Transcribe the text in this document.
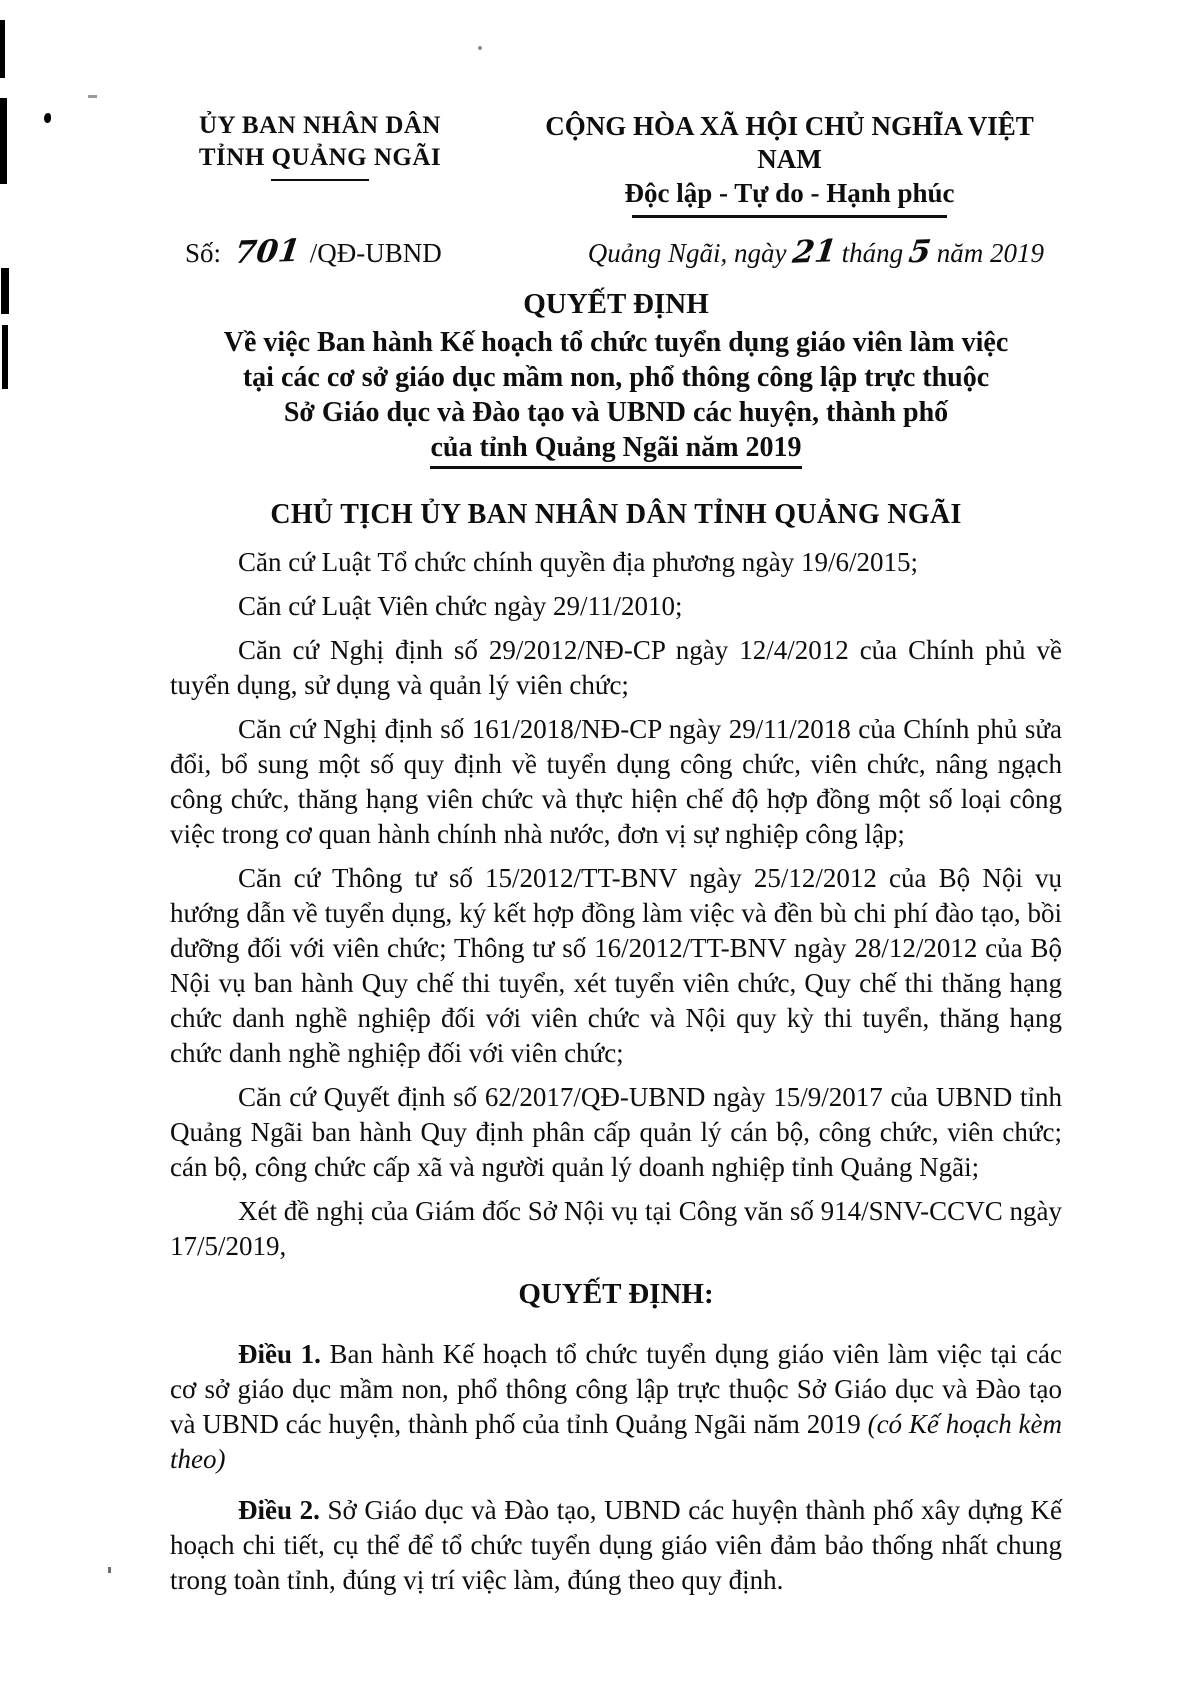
ỦY BAN NHÂN DÂN
TỈNH QUẢNG NGÃI
CỘNG HÒA XÃ HỘI CHỦ NGHĨA VIỆT NAM
Độc lập - Tự do - Hạnh phúc
Số: 701 /QĐ-UBND	Quảng Ngãi, ngày 21 tháng 5 năm 2019
QUYẾT ĐỊNH
Về việc Ban hành Kế hoạch tổ chức tuyển dụng giáo viên làm việc
tại các cơ sở giáo dục mầm non, phổ thông công lập trực thuộc
Sở Giáo dục và Đào tạo và UBND các huyện, thành phố
của tỉnh Quảng Ngãi năm 2019
CHỦ TỊCH ỦY BAN NHÂN DÂN TỈNH QUẢNG NGÃI

Căn cứ Luật Tổ chức chính quyền địa phương ngày 19/6/2015;

Căn cứ Luật Viên chức ngày 29/11/2010;

Căn cứ Nghị định số 29/2012/NĐ-CP ngày 12/4/2012 của Chính phủ về tuyển dụng, sử dụng và quản lý viên chức;

Căn cứ Nghị định số 161/2018/NĐ-CP ngày 29/11/2018 của Chính phủ sửa đổi, bổ sung một số quy định về tuyển dụng công chức, viên chức, nâng ngạch công chức, thăng hạng viên chức và thực hiện chế độ hợp đồng một số loại công việc trong cơ quan hành chính nhà nước, đơn vị sự nghiệp công lập;

Căn cứ Thông tư số 15/2012/TT-BNV ngày 25/12/2012 của Bộ Nội vụ hướng dẫn về tuyển dụng, ký kết hợp đồng làm việc và đền bù chi phí đào tạo, bồi dưỡng đối với viên chức; Thông tư số 16/2012/TT-BNV ngày 28/12/2012 của Bộ Nội vụ ban hành Quy chế thi tuyển, xét tuyển viên chức, Quy chế thi thăng hạng chức danh nghề nghiệp đối với viên chức và Nội quy kỳ thi tuyển, thăng hạng chức danh nghề nghiệp đối với viên chức;

Căn cứ Quyết định số 62/2017/QĐ-UBND ngày 15/9/2017 của UBND tỉnh Quảng Ngãi ban hành Quy định phân cấp quản lý cán bộ, công chức, viên chức; cán bộ, công chức cấp xã và người quản lý doanh nghiệp tỉnh Quảng Ngãi;

Xét đề nghị của Giám đốc Sở Nội vụ tại Công văn số 914/SNV-CCVC ngày 17/5/2019,

QUYẾT ĐỊNH:

Điều 1. Ban hành Kế hoạch tổ chức tuyển dụng giáo viên làm việc tại các cơ sở giáo dục mầm non, phổ thông công lập trực thuộc Sở Giáo dục và Đào tạo và UBND các huyện, thành phố của tỉnh Quảng Ngãi năm 2019 (có Kế hoạch kèm theo)

Điều 2. Sở Giáo dục và Đào tạo, UBND các huyện thành phố xây dựng Kế hoạch chi tiết, cụ thể để tổ chức tuyển dụng giáo viên đảm bảo thống nhất chung trong toàn tỉnh, đúng vị trí việc làm, đúng theo quy định.
